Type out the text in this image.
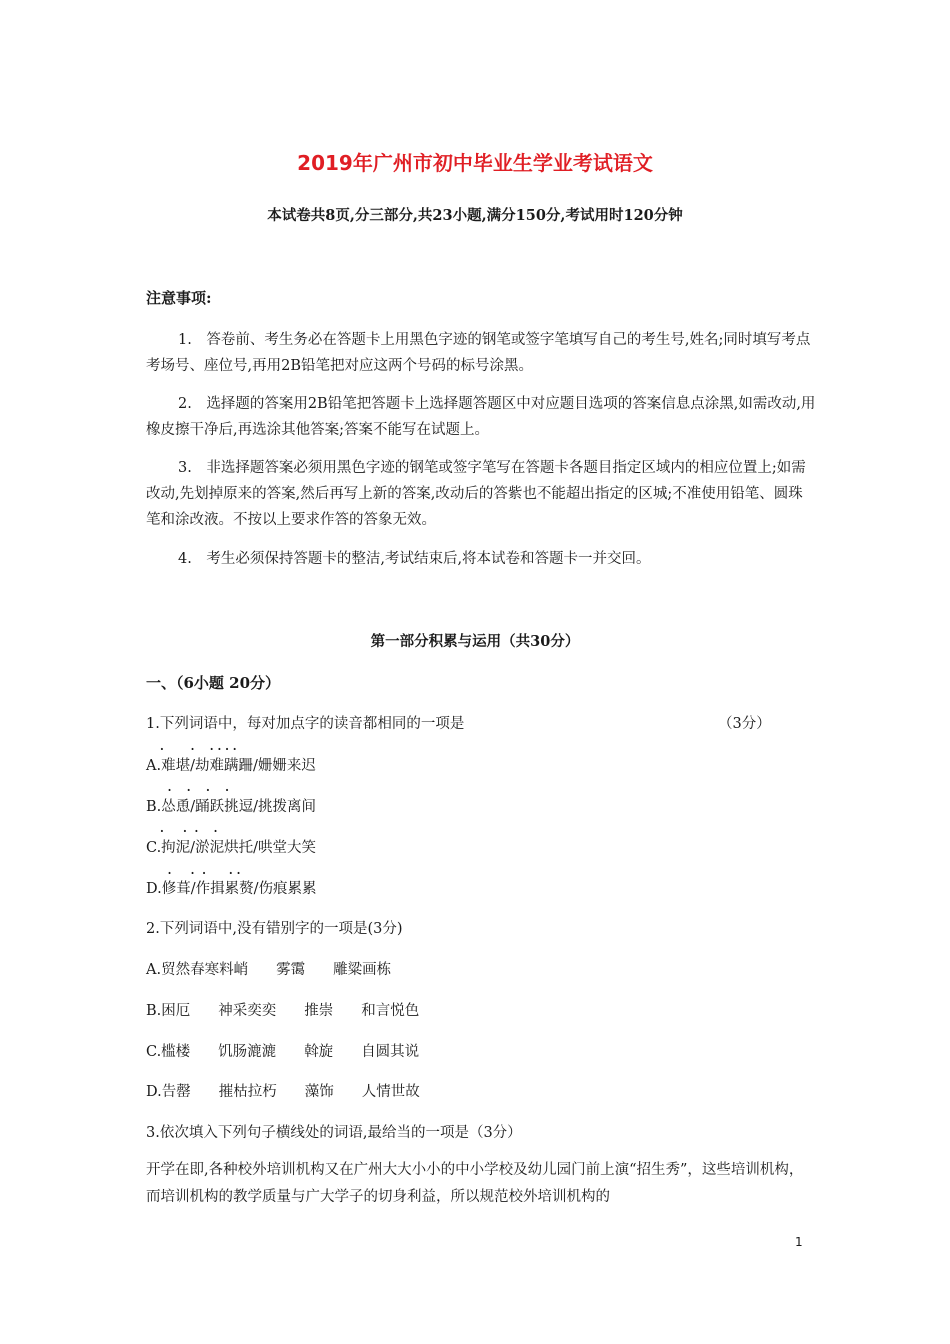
2019年广州市初中毕业生学业考试语文
本试卷共8页,分三部分,共23小题,满分150分,考试用时120分钟
注意事项:
1.　答卷前、考生务必在答题卡上用黑色字迹的钢笔或签字笔填写自己的考生号,姓名;同时填写考点考场号、座位号,再用2B铅笔把对应这两个号码的标号涂黑。
2.　选择题的答案用2B铅笔把答题卡上选择题答题区中对应题目选项的答案信息点涂黑,如需改动,用橡皮擦干净后,再选涂其他答案;答案不能写在试题上。
3.　非选择题答案必须用黑色字迹的钢笔或签字笔写在答题卡各题目指定区域内的相应位置上;如需改动,先划掉原来的答案,然后再写上新的答案,改动后的答紫也不能超出指定的区城;不准使用铅笔、圆珠笔和涂改液。不按以上要求作答的答象无效。
4.　考生必须保持答题卡的整洁,考试结束后,将本试卷和答题卡一并交回。
第一部分积累与运用（共30分）
一、（6小题 20分）
1.下列词语中，每对加点字的读音都相同的一项是	（3分）
.       .    . . . .
A.难堪/劫难蹒跚/姗姗来迟
.    .    .    .
B.怂恿/踊跃挑逗/挑拨离间
.     .  .    .
C.拘泥/淤泥烘托/哄堂大笑
.     .  .      . .
D.修葺/作揖累赘/伤痕累累
2.下列词语中,没有错别字的一项是(3分)
A.贸然春寒料峭 雾霭 雕粱画栋
B.困厄 神采奕奕 推崇 和言悦色
C.槛楼 饥肠漉漉 斡旋 自圆其说
D.告罄 摧枯拉朽 藻饰 人情世故
3.依次填入下列句子横线处的词语,最给当的一项是（3分）
开学在即,各种校外培训机构又在广州大大小小的中小学校及幼儿园门前上演“招生秀”，这些培训机构，而培训机构的教学质量与广大学子的切身利益，所以规范校外培训机构的
1
